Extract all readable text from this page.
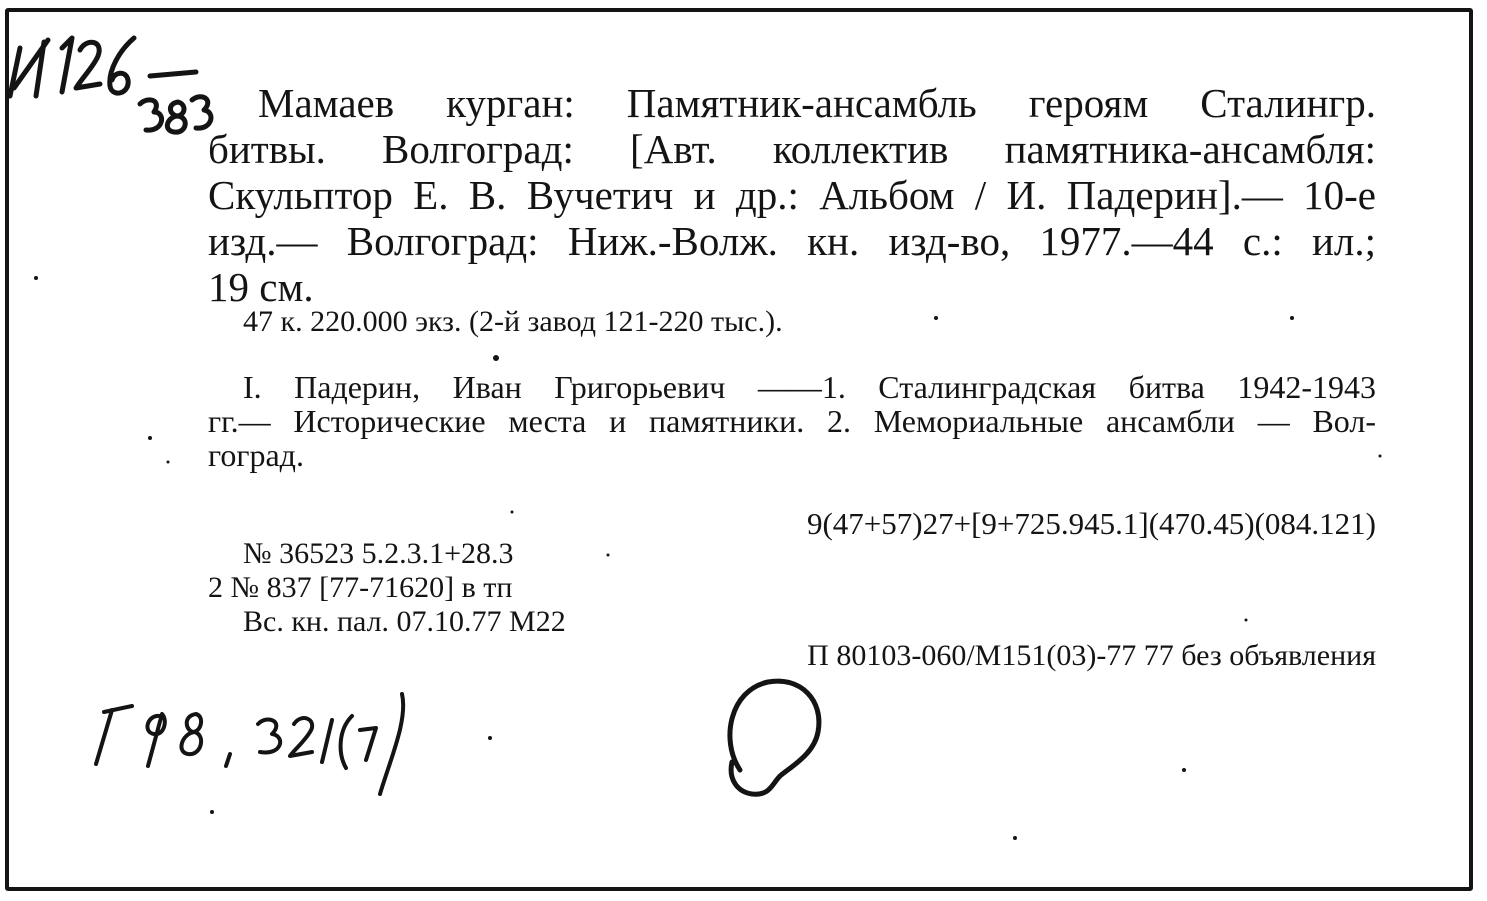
Мамаев курган: Памятник-ансамбль героям Сталингр.
битвы. Волгоград: [Авт. коллектив памятника-ансамбля:
Скульптор Е. В. Вучетич и др.: Альбом / И. Падерин].— 10-е
изд.— Волгоград: Ниж.-Волж. кн. изд-во, 1977.—44 с.: ил.;
19 см.
47 к. 220.000 экз. (2-й завод 121-220 тыс.).
I. Падерин, Иван Григорьевич ——1. Сталинградская битва 1942-1943
гг.— Исторические места и памятники. 2. Мемориальные ансамбли — Вол-
гоград.
9(47+57)27+[9+725.945.1](470.45)(084.121)
№ 36523 5.2.3.1+28.3
2 № 837 [77-71620] в тп
Вс. кн. пал. 07.10.77 М22
П 80103-060/М151(03)-77 77 без объявления
